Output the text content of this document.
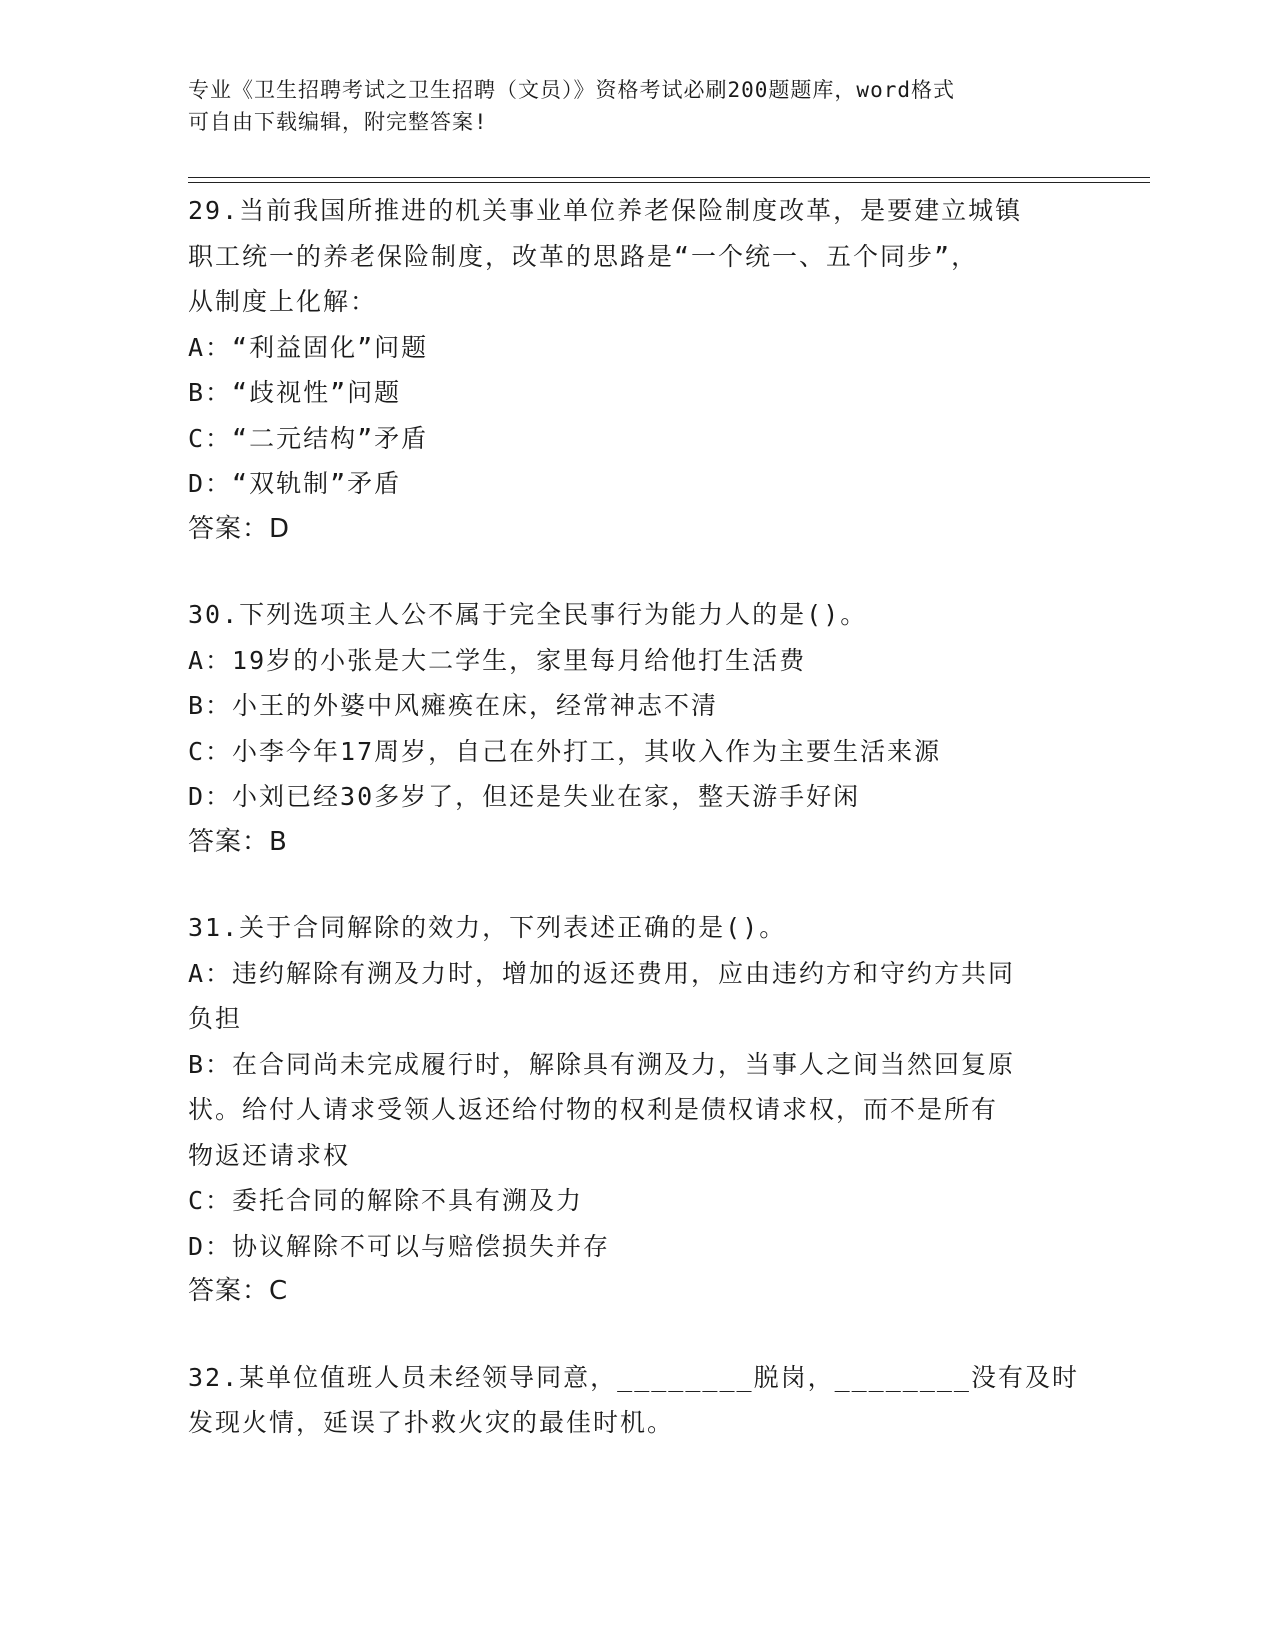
专业《卫生招聘考试之卫生招聘（文员）》资格考试必刷200题题库，word格式
可自由下载编辑，附完整答案!
29.当前我国所推进的机关事业单位养老保险制度改革，是要建立城镇
职工统一的养老保险制度，改革的思路是“一个统一、五个同步”，
从制度上化解：
A：“利益固化”问题
B：“歧视性”问题
C：“二元结构”矛盾
D：“双轨制”矛盾
答案：D
30.下列选项主人公不属于完全民事行为能力人的是()。
A：19岁的小张是大二学生，家里每月给他打生活费
B：小王的外婆中风瘫痪在床，经常神志不清
C：小李今年17周岁，自己在外打工，其收入作为主要生活来源
D：小刘已经30多岁了，但还是失业在家，整天游手好闲
答案：B
31.关于合同解除的效力，下列表述正确的是()。
A：违约解除有溯及力时，增加的返还费用，应由违约方和守约方共同
负担
B：在合同尚未完成履行时，解除具有溯及力，当事人之间当然回复原
状。给付人请求受领人返还给付物的权利是债权请求权，而不是所有
物返还请求权
C：委托合同的解除不具有溯及力
D：协议解除不可以与赔偿损失并存
答案：C
32.某单位值班人员未经领导同意，________脱岗，________没有及时
发现火情，延误了扑救火灾的最佳时机。
